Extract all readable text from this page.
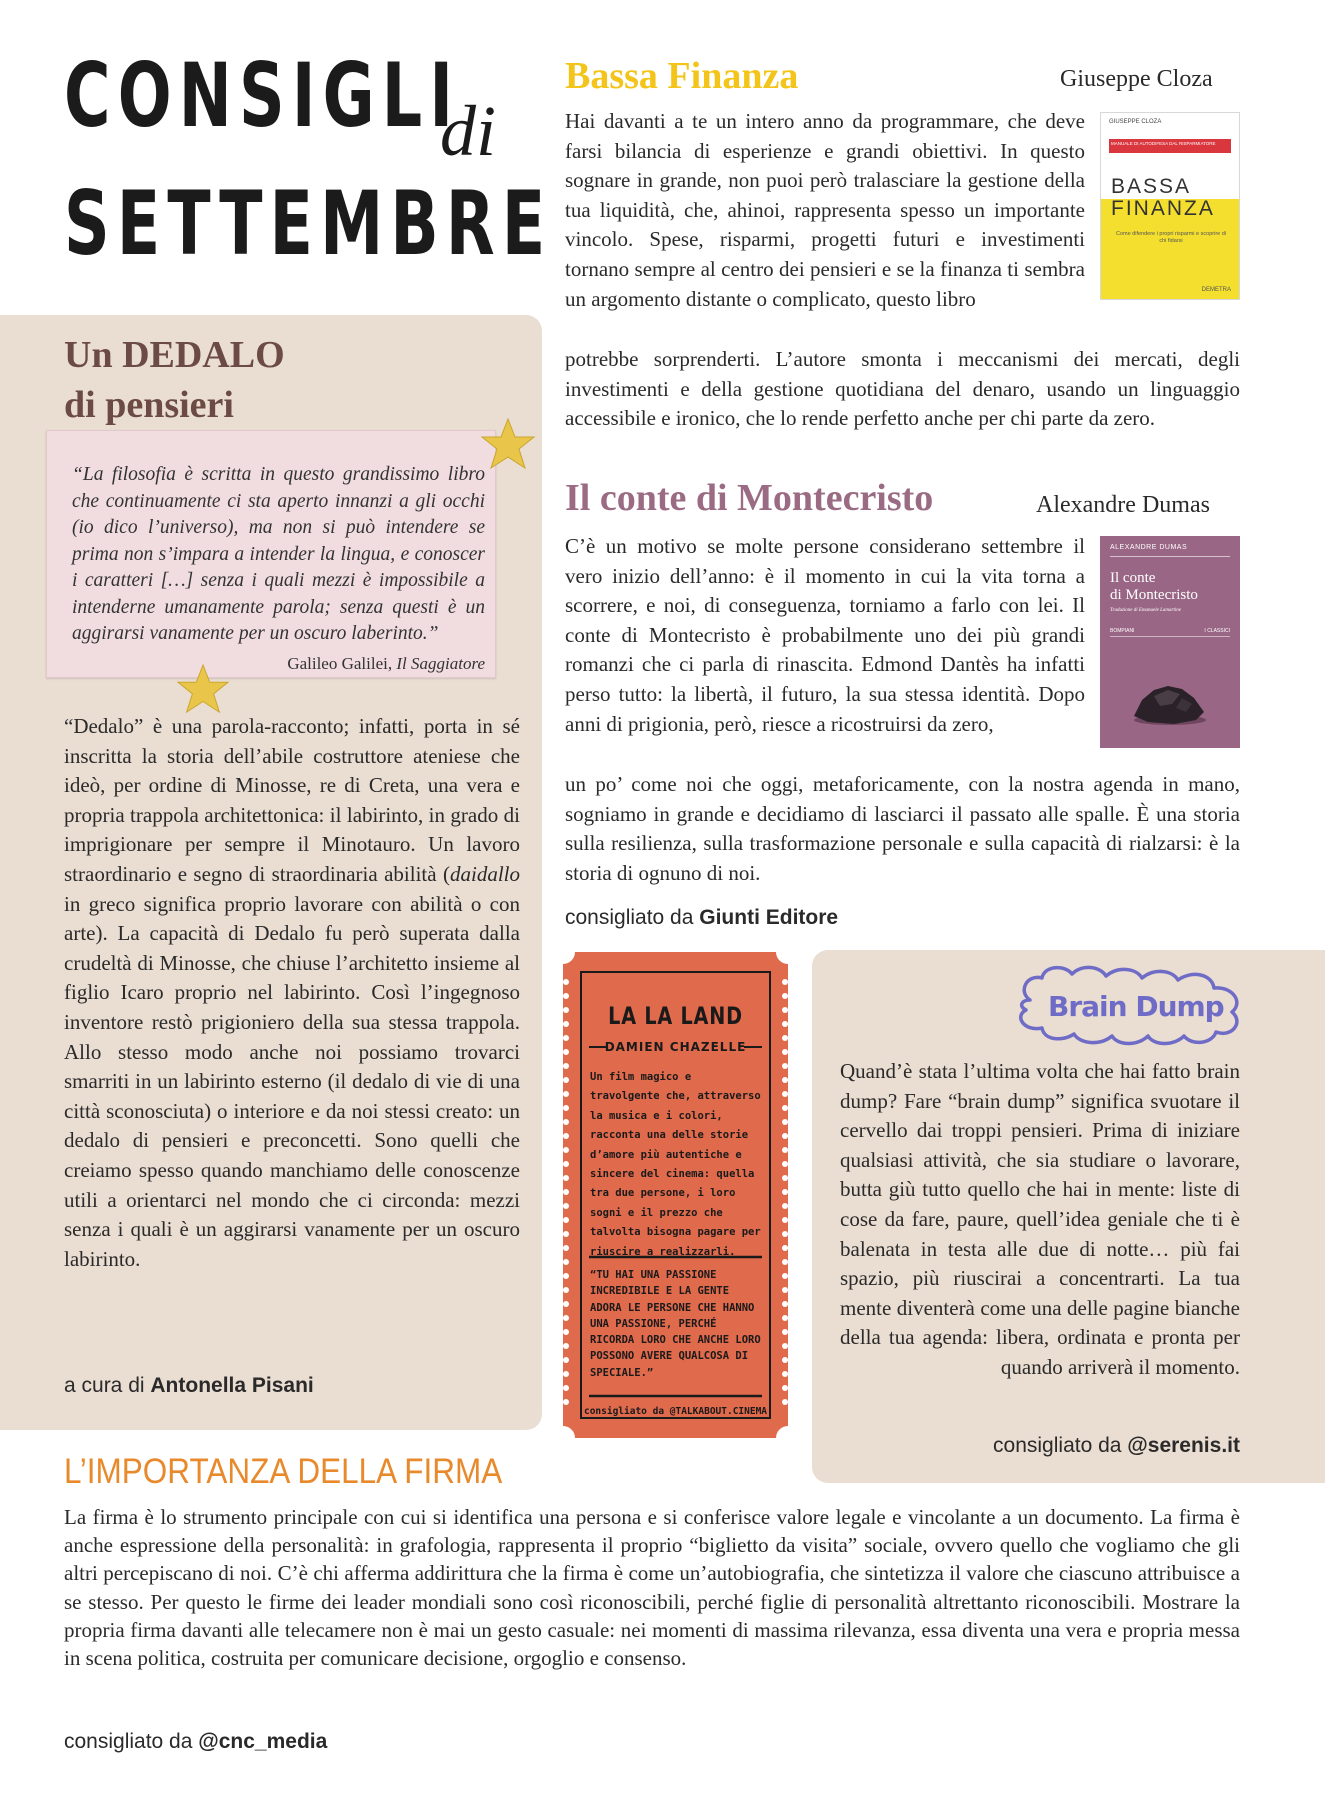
CONSIGLI
di
SETTEMBRE
Un DEDALO
di pensieri
“La filosofia è scritta in questo grandissimo libro che continuamente ci sta aperto innanzi a gli occhi (io dico l’universo), ma non si può intendere se prima non s’impara a intender la lingua, e conoscer i caratteri […] senza i quali mezzi è impossibile a intenderne umanamente parola; senza questi è un aggirarsi vanamente per un oscuro laberinto.”
Galileo Galilei, Il Saggiatore
“Dedalo” è una parola-racconto; infatti, porta in sé inscritta la storia dell’abile costruttore ateniese che ideò, per ordine di Minosse, re di Creta, una vera e propria trappola architettonica: il labirinto, in grado di imprigionare per sempre il Minotauro. Un lavoro straordinario e segno di straordinaria abilità (daidallo in greco significa proprio lavorare con abilità o con arte). La capacità di Dedalo fu però superata dalla crudeltà di Minosse, che chiuse l’architetto insieme al figlio Icaro proprio nel labirinto. Così l’ingegnoso inventore restò prigioniero della sua stessa trappola. Allo stesso modo anche noi possiamo trovarci smarriti in un labirinto esterno (il dedalo di vie di una città sconosciuta) o interiore e da noi stessi creato: un dedalo di pensieri e preconcetti. Sono quelli che creiamo spesso quando manchiamo delle conoscenze utili a orientarci nel mondo che ci circonda: mezzi senza i quali è un aggirarsi vanamente per un oscuro labirinto.
a cura di Antonella Pisani
Bassa Finanza	Giuseppe Cloza
Hai davanti a te un intero anno da programmare, che deve farsi bilancia di esperienze e grandi obiettivi. In questo sognare in grande, non puoi però tralasciare la gestione della tua liquidità, che, ahinoi, rappresenta spesso un importante vincolo. Spese, risparmi, progetti futuri e investimenti tornano sempre al centro dei pensieri e se la finanza ti sembra un argomento distante o complicato, questo libro
potrebbe sorprenderti. L’autore smonta i meccanismi dei mercati, degli investimenti e della gestione quotidiana del denaro, usando un linguaggio accessibile e ironico, che lo rende perfetto anche per chi parte da zero.
GIUSEPPE CLOZA
MANUALE DI AUTODIFESA DAL RISPARMIATORE
BASSA
FINANZA
Come difendere i propri risparmi e scoprire di chi fidarsi
DEMETRA
Il conte di Montecristo	Alexandre Dumas
C’è un motivo se molte persone considerano settembre il vero inizio dell’anno: è il momento in cui la vita torna a scorrere, e noi, di conseguenza, torniamo a farlo con lei. Il conte di Montecristo è probabilmente uno dei più grandi romanzi che ci parla di rinascita. Edmond Dantès ha infatti perso tutto: la libertà, il futuro, la sua stessa identità. Dopo anni di prigionia, però, riesce a ricostruirsi da zero,
un po’ come noi che oggi, metaforicamente, con la nostra agenda in mano, sogniamo in grande e decidiamo di lasciarci il passato alle spalle. È una storia sulla resilienza, sulla trasformazione personale e sulla capacità di rialzarsi: è la storia di ognuno di noi.
ALEXANDRE DUMAS
Il conte
di Montecristo
Traduzione di Emanuele Lamartine
BOMPIANI	I CLASSICI
consigliato da Giunti Editore
LA LA LAND
DAMIEN CHAZELLE
Un film magico e travolgente che, attraverso la musica e i colori, racconta una delle storie d’amore più autentiche e sincere del cinema: quella tra due persone, i loro sogni e il prezzo che talvolta bisogna pagare per riuscire a realizzarli.
“TU HAI UNA PASSIONE INCREDIBILE E LA GENTE ADORA LE PERSONE CHE HANNO UNA PASSIONE, PERCHÉ RICORDA LORO CHE ANCHE LORO POSSONO AVERE QUALCOSA DI SPECIALE.”
consigliato da @TALKABOUT.CINEMA
Brain Dump
Quand’è stata l’ultima volta che hai fatto brain dump? Fare “brain dump” significa svuotare il cervello dai troppi pensieri. Prima di iniziare qualsiasi attività, che sia studiare o lavorare, butta giù tutto quello che hai in mente: liste di cose da fare, paure, quell’idea geniale che ti è balenata in testa alle due di notte… più fai spazio, più riuscirai a concentrarti. La tua mente diventerà come una delle pagine bianche della tua agenda: libera, ordinata e pronta per quando arriverà il momento.
consigliato da @serenis.it
L’IMPORTANZA DELLA FIRMA
La firma è lo strumento principale con cui si identifica una persona e si conferisce valore legale e vincolante a un documento. La firma è anche espressione della personalità: in grafologia, rappresenta il proprio “biglietto da visita” sociale, ovvero quello che vogliamo che gli altri percepiscano di noi. C’è chi afferma addirittura che la firma è come un’autobiografia, che sintetizza il valore che ciascuno attribuisce a se stesso. Per questo le firme dei leader mondiali sono così riconoscibili, perché figlie di personalità altrettanto riconoscibili. Mostrare la propria firma davanti alle telecamere non è mai un gesto casuale: nei momenti di massima rilevanza, essa diventa una vera e propria messa in scena politica, costruita per comunicare decisione, orgoglio e consenso.
consigliato da @cnc_media
